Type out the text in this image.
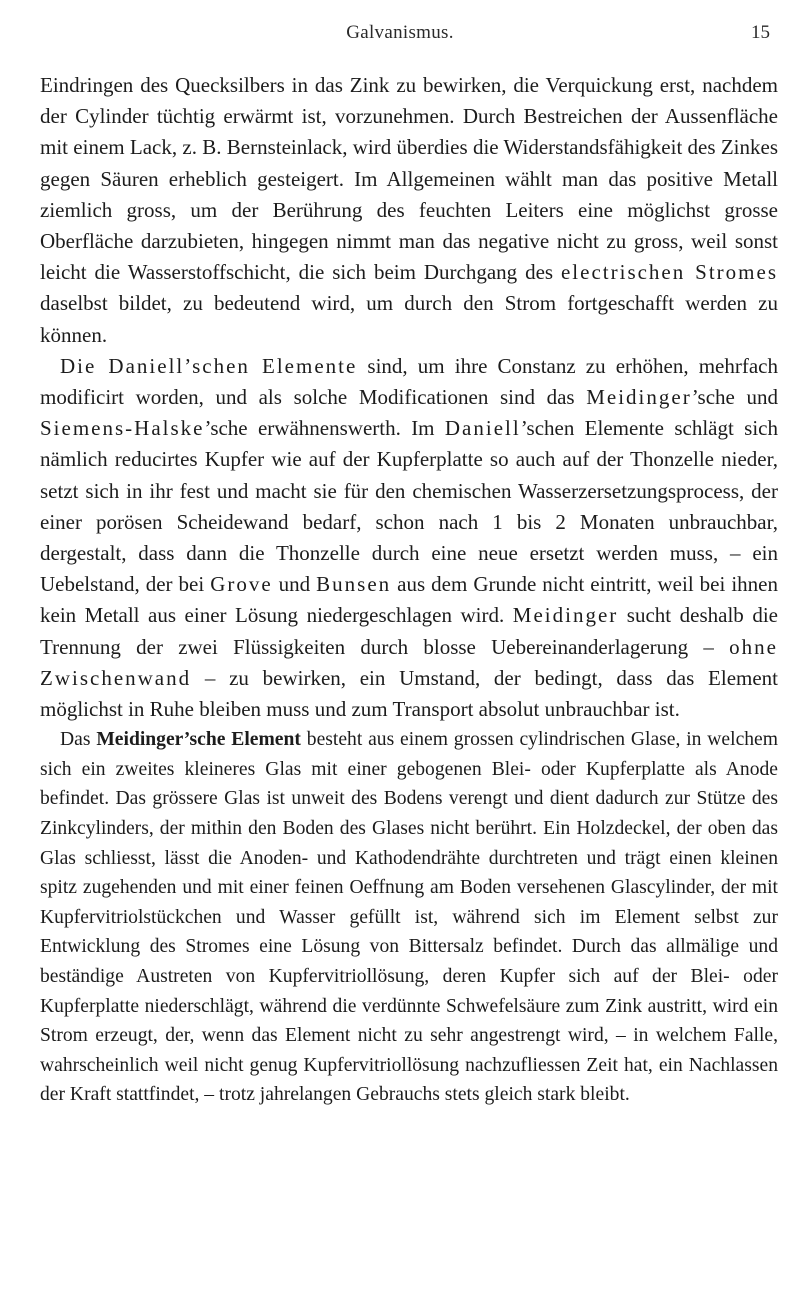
Galvanismus.	15

Eindringen des Quecksilbers in das Zink zu bewirken, die Verquickung erst, nachdem der Cylinder tüchtig erwärmt ist, vorzunehmen. Durch Bestreichen der Aussenfläche mit einem Lack, z. B. Bernsteinlack, wird überdies die Widerstandsfähigkeit des Zinkes gegen Säuren erheblich gesteigert. Im Allgemeinen wählt man das positive Metall ziemlich gross, um der Berührung des feuchten Leiters eine möglichst grosse Oberfläche darzubieten, hingegen nimmt man das negative nicht zu gross, weil sonst leicht die Wasserstoffschicht, die sich beim Durchgang des electrischen Stromes daselbst bildet, zu bedeutend wird, um durch den Strom fortgeschafft werden zu können.

Die Daniell’schen Elemente sind, um ihre Constanz zu erhöhen, mehrfach modificirt worden, und als solche Modificationen sind das Meidinger’sche und Siemens-Halske’sche erwähnenswerth. Im Daniell’schen Elemente schlägt sich nämlich reducirtes Kupfer wie auf der Kupferplatte so auch auf der Thonzelle nieder, setzt sich in ihr fest und macht sie für den chemischen Wasserzersetzungsprocess, der einer porösen Scheidewand bedarf, schon nach 1 bis 2 Monaten unbrauchbar, dergestalt, dass dann die Thonzelle durch eine neue ersetzt werden muss, – ein Uebelstand, der bei Grove und Bunsen aus dem Grunde nicht eintritt, weil bei ihnen kein Metall aus einer Lösung niedergeschlagen wird. Meidinger sucht deshalb die Trennung der zwei Flüssigkeiten durch blosse Uebereinanderlagerung – ohne Zwischenwand – zu bewirken, ein Umstand, der bedingt, dass das Element möglichst in Ruhe bleiben muss und zum Transport absolut unbrauchbar ist.

Das Meidinger’sche Element besteht aus einem grossen cylindrischen Glase, in welchem sich ein zweites kleineres Glas mit einer gebogenen Blei- oder Kupferplatte als Anode befindet. Das grössere Glas ist unweit des Bodens verengt und dient dadurch zur Stütze des Zinkcylinders, der mithin den Boden des Glases nicht berührt. Ein Holzdeckel, der oben das Glas schliesst, lässt die Anoden- und Kathodendrähte durchtreten und trägt einen kleinen spitz zugehenden und mit einer feinen Oeffnung am Boden versehenen Glascylinder, der mit Kupfervitriolstückchen und Wasser gefüllt ist, während sich im Element selbst zur Entwicklung des Stromes eine Lösung von Bittersalz befindet. Durch das allmälige und beständige Austreten von Kupfervitriollösung, deren Kupfer sich auf der Blei- oder Kupferplatte niederschlägt, während die verdünnte Schwefelsäure zum Zink austritt, wird ein Strom erzeugt, der, wenn das Element nicht zu sehr angestrengt wird, – in welchem Falle, wahrscheinlich weil nicht genug Kupfervitriollösung nachzufliessen Zeit hat, ein Nachlassen der Kraft stattfindet, – trotz jahrelangen Gebrauchs stets gleich stark bleibt.
